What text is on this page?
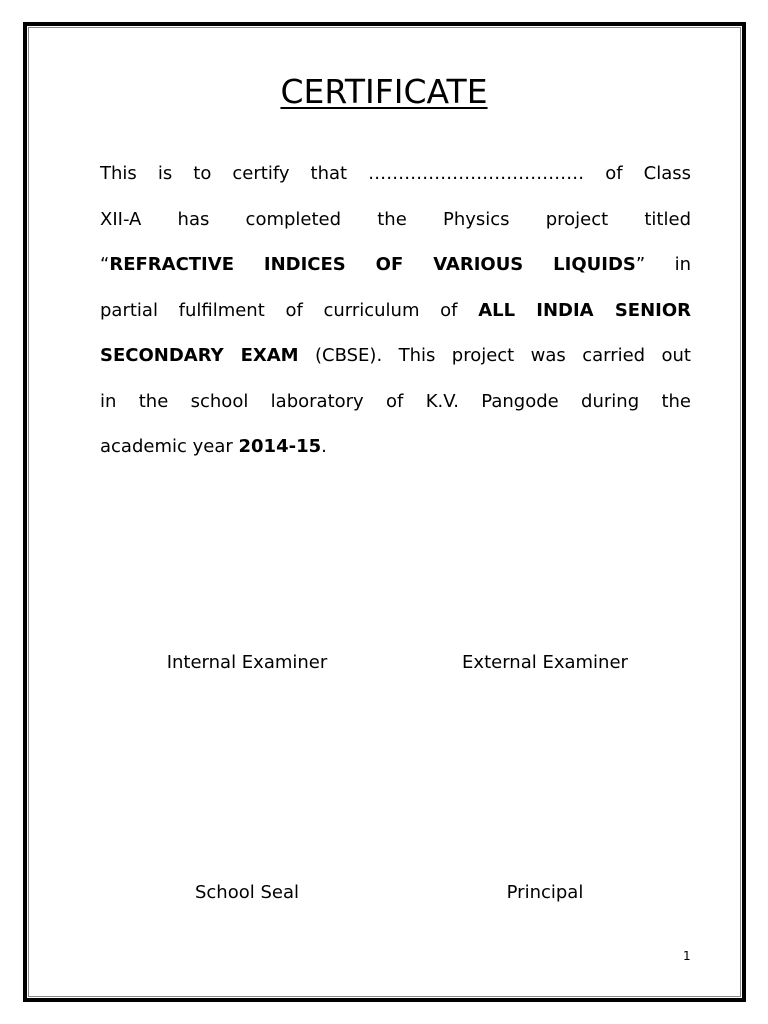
CERTIFICATE
This is to certify that ……………………………… of Class
XII-A has completed the Physics project titled
“REFRACTIVE INDICES OF VARIOUS LIQUIDS” in
partial fulfilment of curriculum of ALL INDIA SENIOR
SECONDARY EXAM (CBSE). This project was carried out
in the school laboratory of K.V. Pangode during the
academic year 2014-15.
Internal Examiner	External Examiner
School Seal	Principal
1
